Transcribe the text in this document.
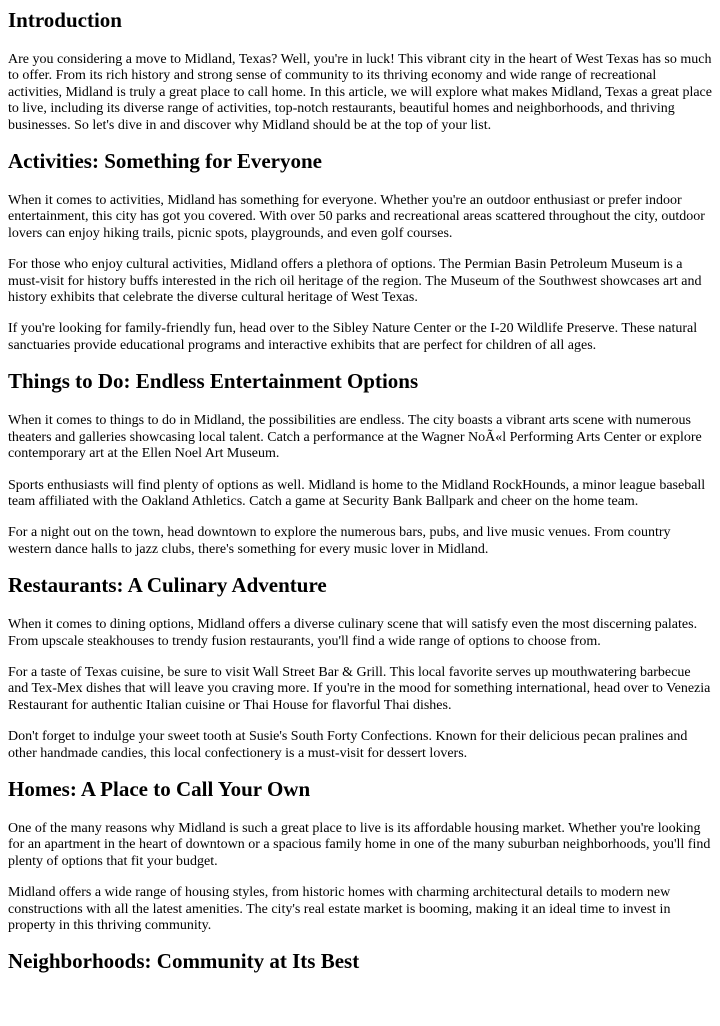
Introduction

Are you considering a move to Midland, Texas? Well, you're in luck! This vibrant city in the heart of West Texas has so much to offer. From its rich history and strong sense of community to its thriving economy and wide range of recreational activities, Midland is truly a great place to call home. In this article, we will explore what makes Midland, Texas a great place to live, including its diverse range of activities, top-notch restaurants, beautiful homes and neighborhoods, and thriving businesses. So let's dive in and discover why Midland should be at the top of your list.

Activities: Something for Everyone

When it comes to activities, Midland has something for everyone. Whether you're an outdoor enthusiast or prefer indoor entertainment, this city has got you covered. With over 50 parks and recreational areas scattered throughout the city, outdoor lovers can enjoy hiking trails, picnic spots, playgrounds, and even golf courses.

For those who enjoy cultural activities, Midland offers a plethora of options. The Permian Basin Petroleum Museum is a must-visit for history buffs interested in the rich oil heritage of the region. The Museum of the Southwest showcases art and history exhibits that celebrate the diverse cultural heritage of West Texas.

If you're looking for family-friendly fun, head over to the Sibley Nature Center or the I-20 Wildlife Preserve. These natural sanctuaries provide educational programs and interactive exhibits that are perfect for children of all ages.

Things to Do: Endless Entertainment Options

When it comes to things to do in Midland, the possibilities are endless. The city boasts a vibrant arts scene with numerous theaters and galleries showcasing local talent. Catch a performance at the Wagner NoÃ«l Performing Arts Center or explore contemporary art at the Ellen Noel Art Museum.

Sports enthusiasts will find plenty of options as well. Midland is home to the Midland RockHounds, a minor league baseball team affiliated with the Oakland Athletics. Catch a game at Security Bank Ballpark and cheer on the home team.

For a night out on the town, head downtown to explore the numerous bars, pubs, and live music venues. From country western dance halls to jazz clubs, there's something for every music lover in Midland.

Restaurants: A Culinary Adventure

When it comes to dining options, Midland offers a diverse culinary scene that will satisfy even the most discerning palates. From upscale steakhouses to trendy fusion restaurants, you'll find a wide range of options to choose from.

For a taste of Texas cuisine, be sure to visit Wall Street Bar & Grill. This local favorite serves up mouthwatering barbecue and Tex-Mex dishes that will leave you craving more. If you're in the mood for something international, head over to Venezia Restaurant for authentic Italian cuisine or Thai House for flavorful Thai dishes.

Don't forget to indulge your sweet tooth at Susie's South Forty Confections. Known for their delicious pecan pralines and other handmade candies, this local confectionery is a must-visit for dessert lovers.

Homes: A Place to Call Your Own

One of the many reasons why Midland is such a great place to live is its affordable housing market. Whether you're looking for an apartment in the heart of downtown or a spacious family home in one of the many suburban neighborhoods, you'll find plenty of options that fit your budget.

Midland offers a wide range of housing styles, from historic homes with charming architectural details to modern new constructions with all the latest amenities. The city's real estate market is booming, making it an ideal time to invest in property in this thriving community.

Neighborhoods: Community at Its Best
